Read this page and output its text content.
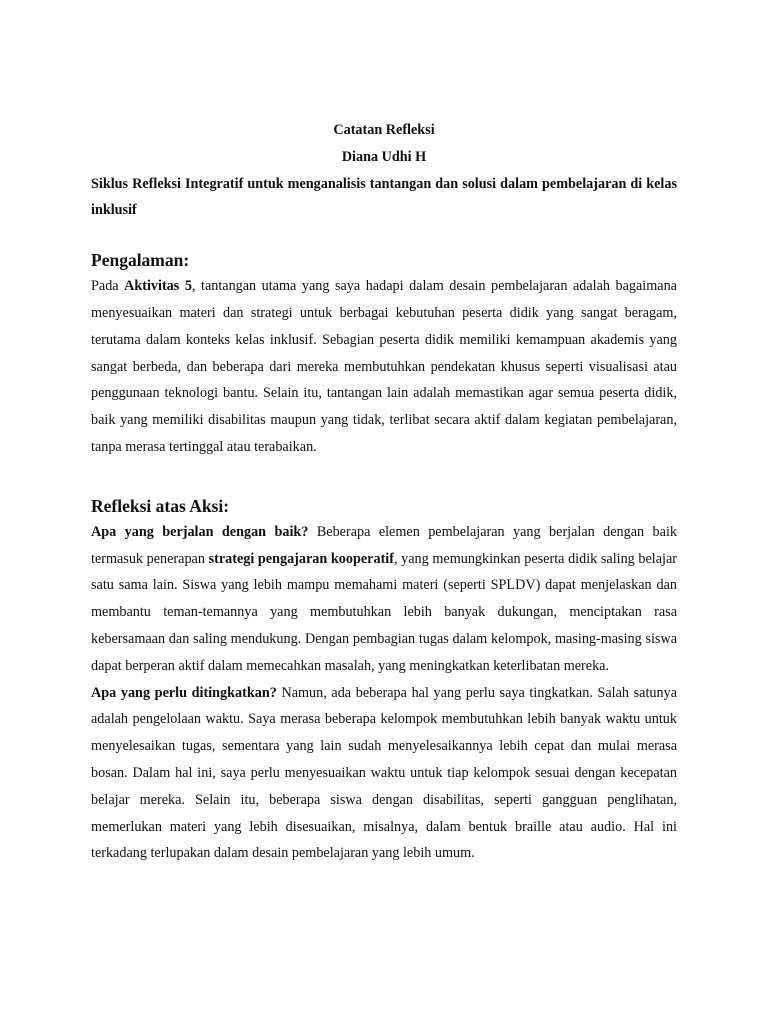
Catatan Refleksi
Diana Udhi H
Siklus Refleksi Integratif untuk menganalisis tantangan dan solusi dalam pembelajaran di kelas inklusif
Pengalaman:

Pada Aktivitas 5, tantangan utama yang saya hadapi dalam desain pembelajaran adalah bagaimana menyesuaikan materi dan strategi untuk berbagai kebutuhan peserta didik yang sangat beragam, terutama dalam konteks kelas inklusif. Sebagian peserta didik memiliki kemampuan akademis yang sangat berbeda, dan beberapa dari mereka membutuhkan pendekatan khusus seperti visualisasi atau penggunaan teknologi bantu. Selain itu, tantangan lain adalah memastikan agar semua peserta didik, baik yang memiliki disabilitas maupun yang tidak, terlibat secara aktif dalam kegiatan pembelajaran, tanpa merasa tertinggal atau terabaikan.

Refleksi atas Aksi:

Apa yang berjalan dengan baik? Beberapa elemen pembelajaran yang berjalan dengan baik termasuk penerapan strategi pengajaran kooperatif, yang memungkinkan peserta didik saling belajar satu sama lain. Siswa yang lebih mampu memahami materi (seperti SPLDV) dapat menjelaskan dan membantu teman-temannya yang membutuhkan lebih banyak dukungan, menciptakan rasa kebersamaan dan saling mendukung. Dengan pembagian tugas dalam kelompok, masing-masing siswa dapat berperan aktif dalam memecahkan masalah, yang meningkatkan keterlibatan mereka.

Apa yang perlu ditingkatkan? Namun, ada beberapa hal yang perlu saya tingkatkan. Salah satunya adalah pengelolaan waktu. Saya merasa beberapa kelompok membutuhkan lebih banyak waktu untuk menyelesaikan tugas, sementara yang lain sudah menyelesaikannya lebih cepat dan mulai merasa bosan. Dalam hal ini, saya perlu menyesuaikan waktu untuk tiap kelompok sesuai dengan kecepatan belajar mereka. Selain itu, beberapa siswa dengan disabilitas, seperti gangguan penglihatan, memerlukan materi yang lebih disesuaikan, misalnya, dalam bentuk braille atau audio. Hal ini terkadang terlupakan dalam desain pembelajaran yang lebih umum.
